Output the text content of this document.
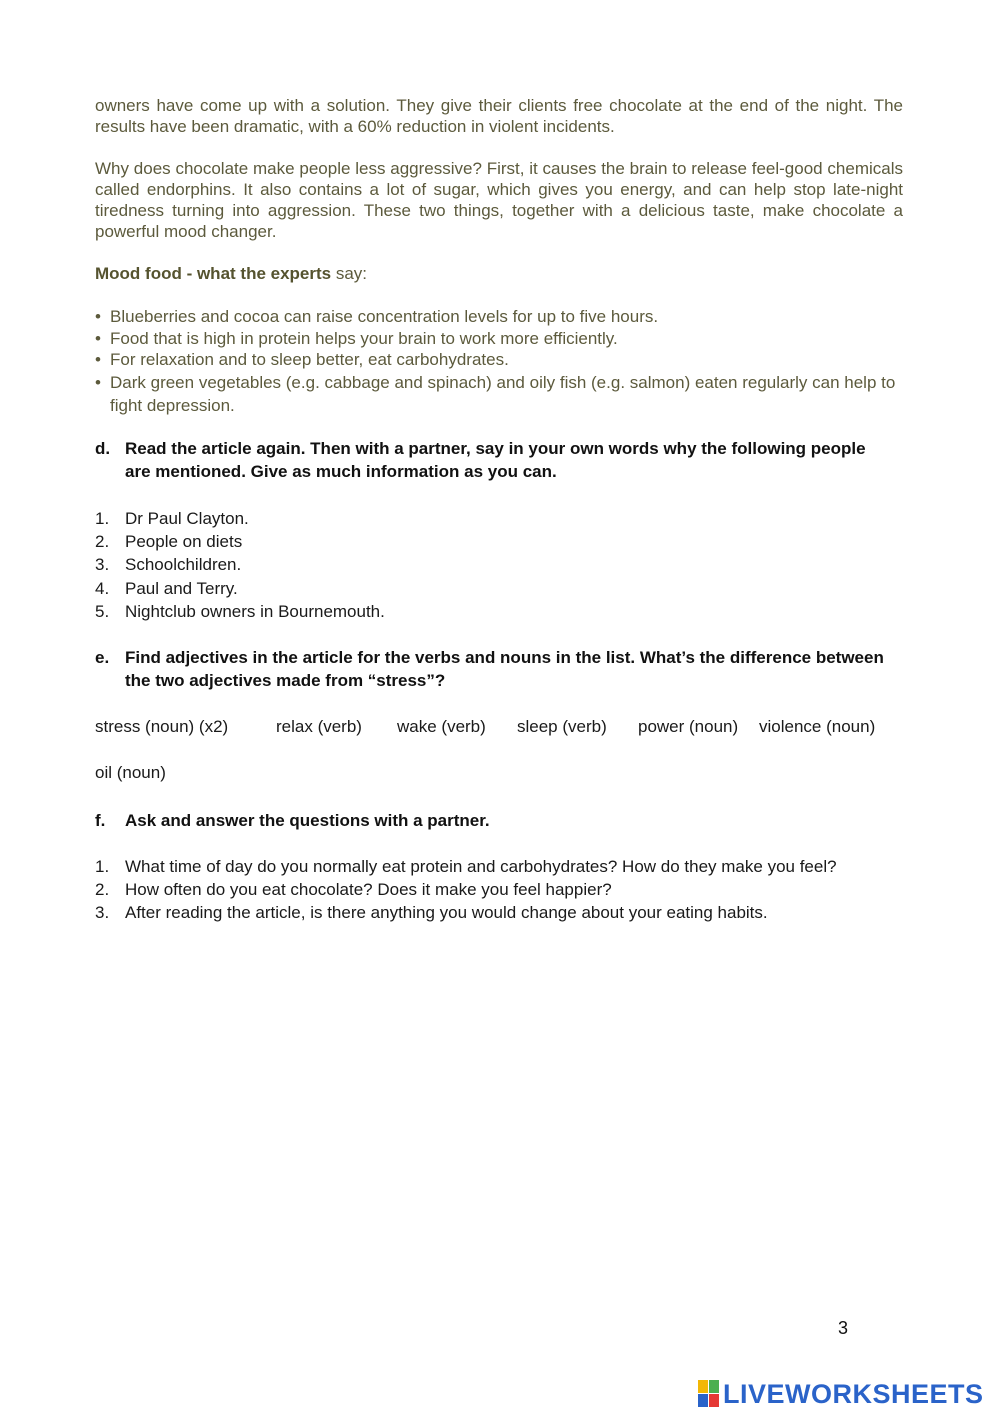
owners have come up with a solution. They give their clients free chocolate at the end of the night. The results have been dramatic, with a 60% reduction in violent incidents.

Why does chocolate make people less aggressive? First, it causes the brain to release feel-good chemicals called endorphins. It also contains a lot of sugar, which gives you energy, and can help stop late-night tiredness turning into aggression. These two things, together with a delicious taste, make chocolate a powerful mood changer.

Mood food - what the experts say:
• Blueberries and cocoa can raise concentration levels for up to five hours.
• Food that is high in protein helps your brain to work more efficiently.
• For relaxation and to sleep better, eat carbohydrates.
• Dark green vegetables (e.g. cabbage and spinach) and oily fish (e.g. salmon) eaten regularly can help to fight depression.
d. Read the article again. Then with a partner, say in your own words why the following people are mentioned. Give as much information as you can.
1. Dr Paul Clayton.
2. People on diets
3. Schoolchildren.
4. Paul and Terry.
5. Nightclub owners in Bournemouth.
e. Find adjectives in the article for the verbs and nouns in the list. What’s the difference between the two adjectives made from “stress”?
stress (noun) (x2)	relax (verb) wake (verb) sleep (verb) power (noun) violence (noun)
oil (noun)
f.	Ask and answer the questions with a partner.
1. What time of day do you normally eat protein and carbohydrates? How do they make you feel?
2. How often do you eat chocolate? Does it make you feel happier?
3. After reading the article, is there anything you would change about your eating habits.
3
LIVEWORKSHEETS
